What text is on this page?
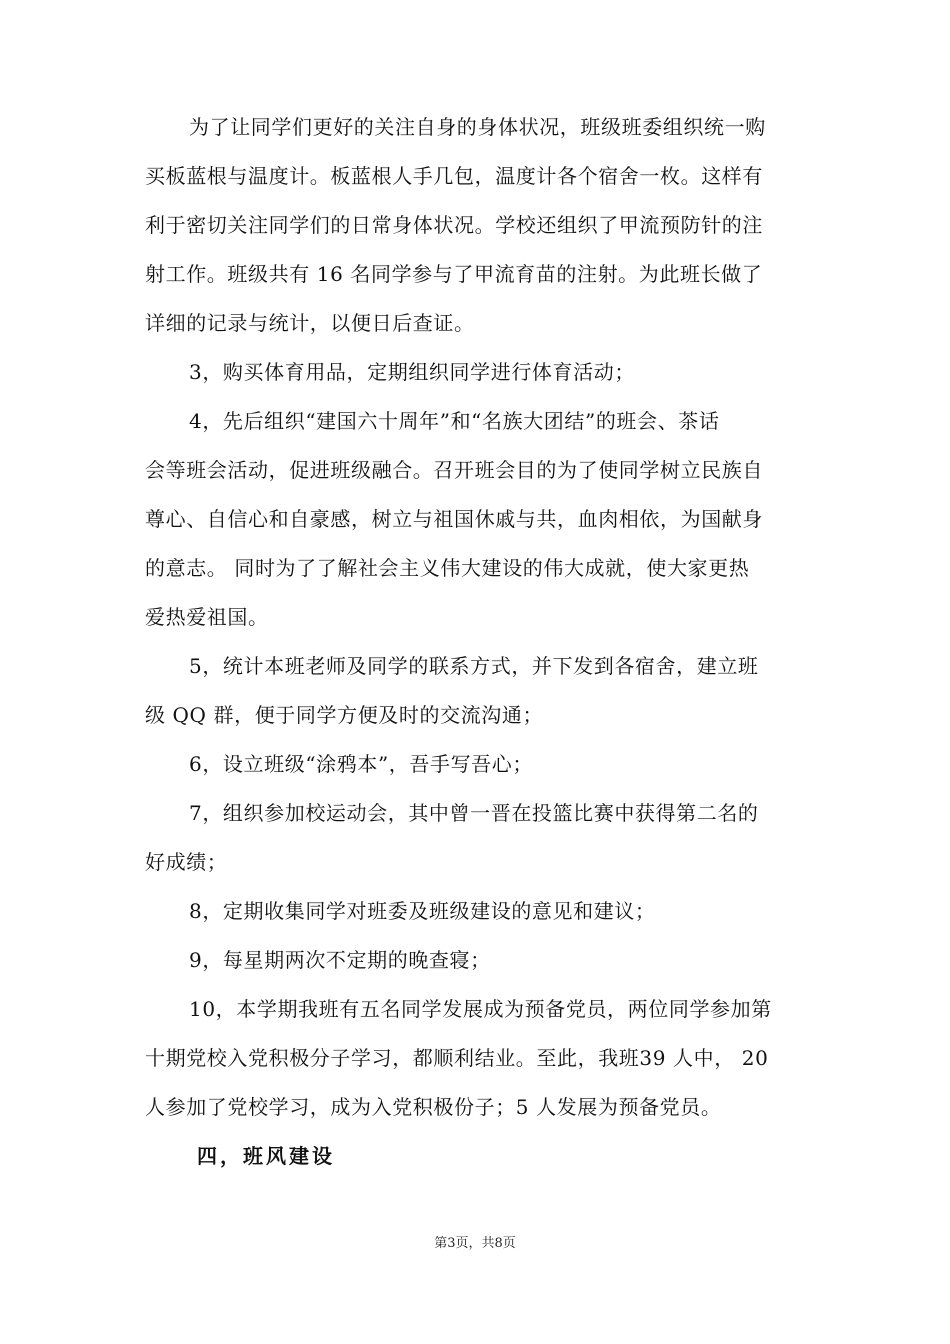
为了让同学们更好的关注自身的身体状况，班级班委组织统一购
买板蓝根与温度计。板蓝根人手几包，温度计各个宿舍一枚。这样有
利于密切关注同学们的日常身体状况。学校还组织了甲流预防针的注
射工作。班级共有 16 名同学参与了甲流育苗的注射。为此班长做了
详细的记录与统计，以便日后查证。

3，购买体育用品，定期组织同学进行体育活动；

4，先后组织“建国六十周年”和“名族大团结”的班会、茶话
会等班会活动，促进班级融合。召开班会目的为了使同学树立民族自
尊心、自信心和自豪感，树立与祖国休戚与共，血肉相依，为国献身
的意志。 同时为了了解社会主义伟大建设的伟大成就，使大家更热
爱热爱祖国。

5，统计本班老师及同学的联系方式，并下发到各宿舍，建立班
级 QQ 群，便于同学方便及时的交流沟通；

6，设立班级“涂鸦本”，吾手写吾心；

7，组织参加校运动会，其中曾一晋在投篮比赛中获得第二名的
好成绩；

8，定期收集同学对班委及班级建设的意见和建议；

9，每星期两次不定期的晚查寝；

10，本学期我班有五名同学发展成为预备党员，两位同学参加第
十期党校入党积极分子学习，都顺利结业。至此，我班39 人中， 20
人参加了党校学习，成为入党积极份子；5 人发展为预备党员。

四，班风建设

第3页，共8页
